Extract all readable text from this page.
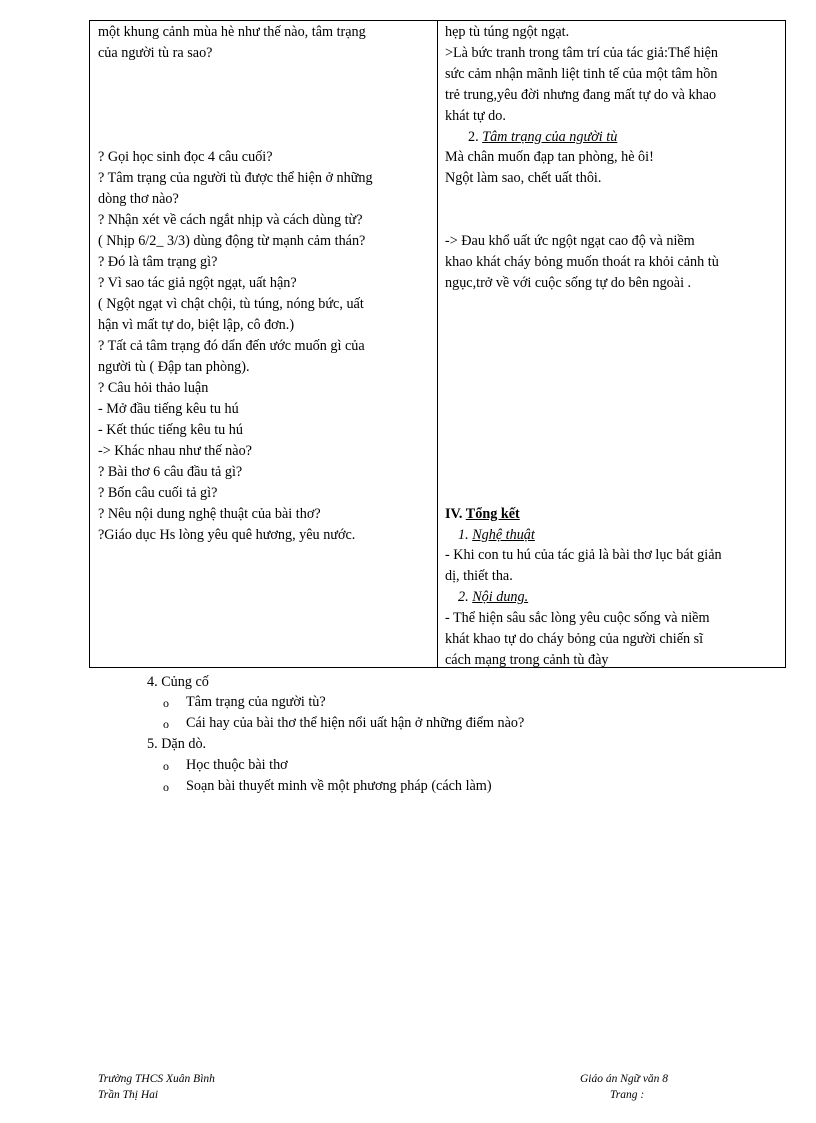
một khung cảnh mùa hè như thế nào, tâm trạng
của người tù ra sao?
? Gọi học sinh đọc 4 câu cuối?
? Tâm trạng của người tù được thể hiện ở những
dòng thơ nào?
? Nhận xét về cách ngắt nhịp và cách dùng từ?
( Nhịp 6/2_ 3/3) dùng động từ mạnh cảm thán?
? Đó là tâm trạng gì?
? Vì sao tác giả ngột ngạt, uất hận?
( Ngột ngạt vì chật chội, tù túng, nóng bức, uất
hận vì mất tự do, biệt lập, cô đơn.)
? Tất cả tâm trạng đó dẩn đến ước muốn gì của
người tù ( Đập tan phòng).
? Câu hỏi thảo luận
- Mở đầu tiếng kêu tu hú
- Kết thúc tiếng kêu tu hú
-> Khác nhau như thế nào?
? Bài thơ 6 câu đầu tả gì?
? Bốn câu cuối tả gì?
? Nêu nội dung nghệ thuật của bài thơ?
?Giáo dục Hs lòng yêu quê hương, yêu nước.
hẹp tù túng ngột ngạt.
>Là bức tranh trong tâm trí của tác giả:Thể hiện
sức cảm nhận mãnh liệt tinh tế của một tâm hồn
trẻ trung,yêu đời nhưng đang mất tự do và khao
khát tự do.
2. Tâm trạng của người tù
Mà chân muốn đạp tan phòng, hè ôi!
Ngột làm sao, chết uất thôi.
-> Đau khổ uất ức ngột ngạt cao độ và niềm
khao khát cháy bỏng muốn thoát ra khỏi cảnh tù
ngục,trở về với cuộc sống tự do bên ngoài .
IV. Tổng kết
1. Nghệ thuật
- Khi con tu hú của tác giả là bài thơ lục bát giản
dị, thiết tha.
2. Nội dung.
- Thể hiện sâu sắc lòng yêu cuộc sống và niềm
khát khao tự do cháy bỏng của người chiến sĩ
cách mạng trong cảnh tù đày
4. Củng cố
o Tâm trạng của người tù?
o Cái hay của bài thơ thể hiện nổi uất hận ở những điểm nào?
5. Dặn dò.
o Học thuộc bài thơ
o Soạn bài thuyết minh về một phương pháp (cách làm)
Trường THCS Xuân Bình
Trần Thị Hai
Giáo án Ngữ văn 8
Trang :
